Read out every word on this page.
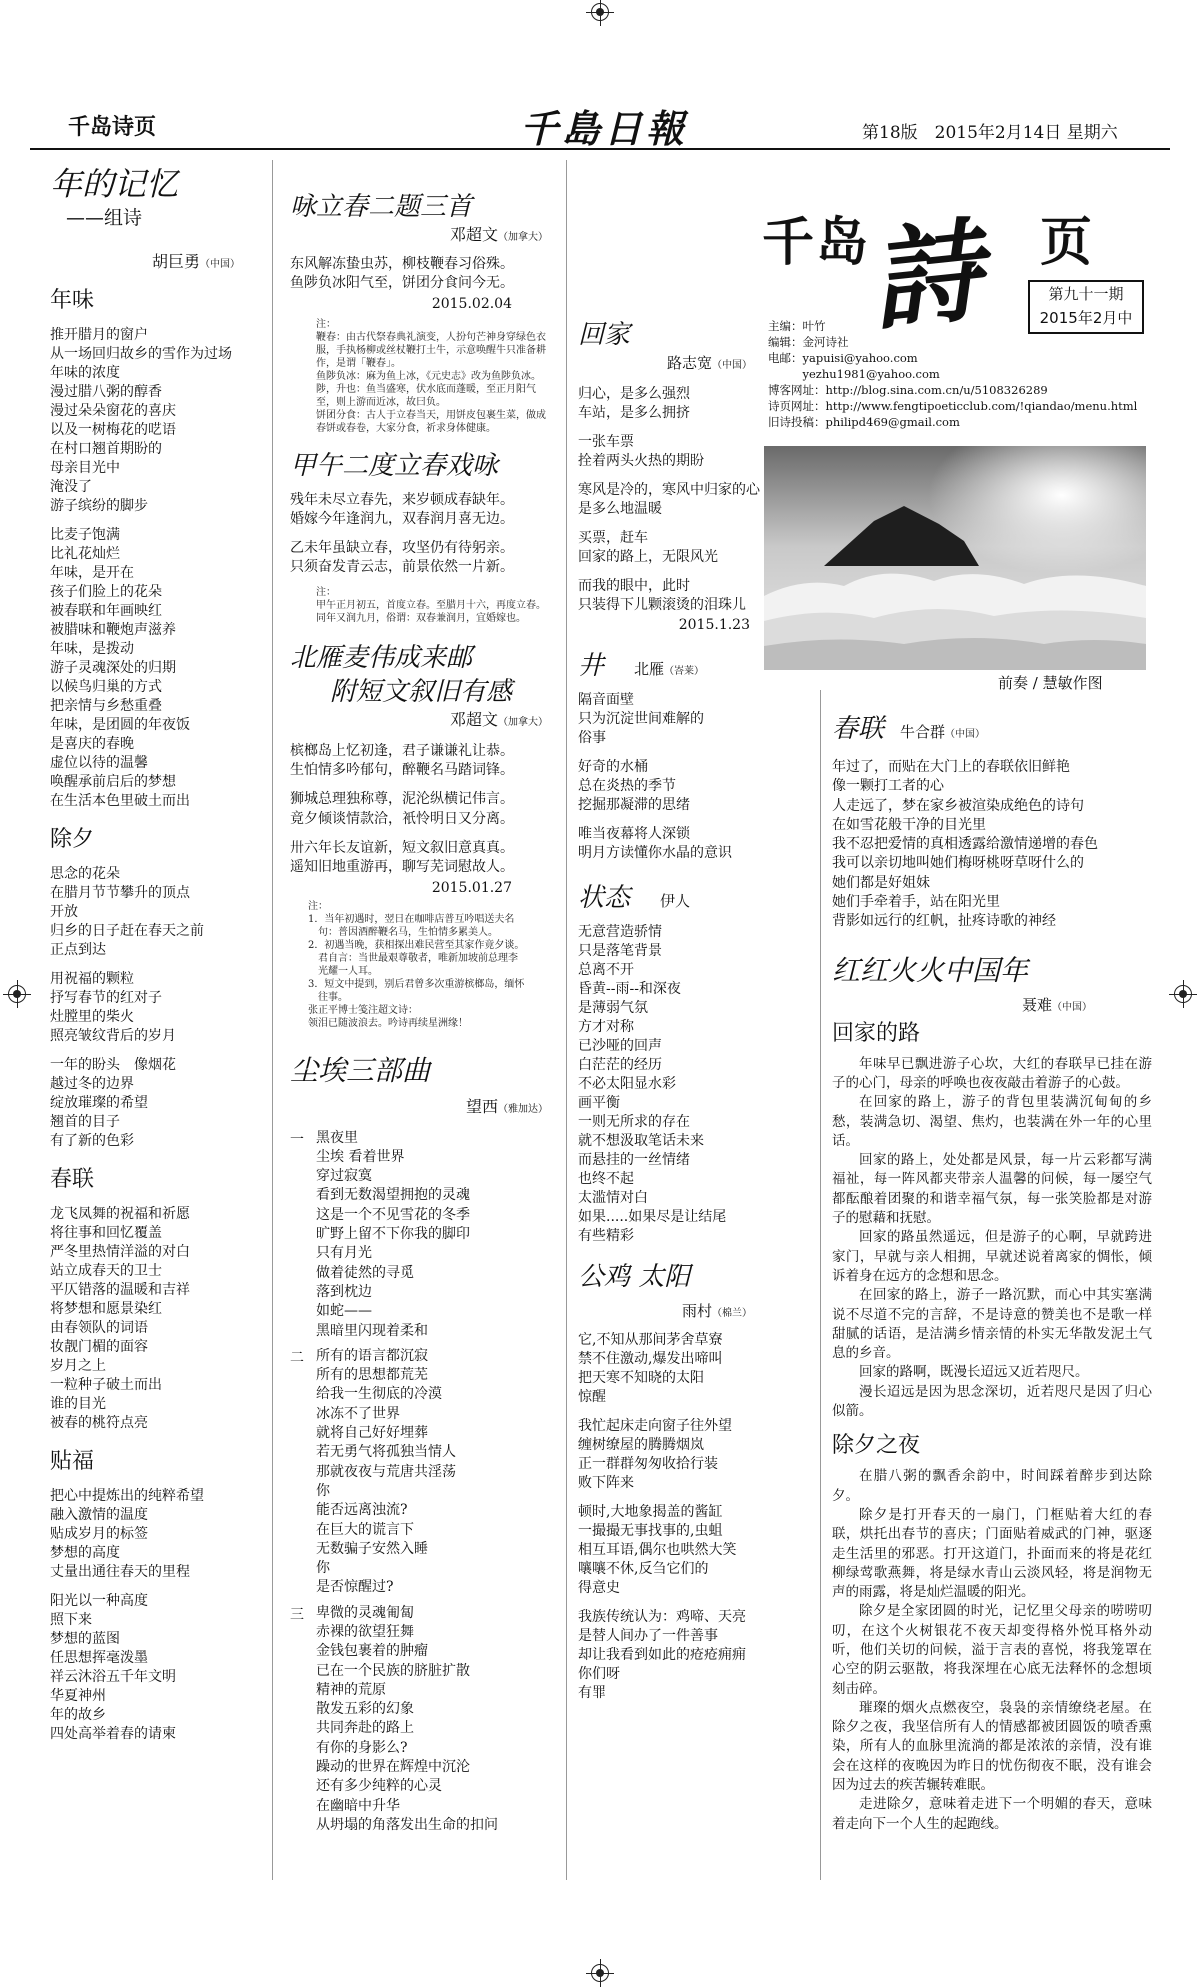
千岛诗页	千島日報	第18版　2015年2月14日 星期六
年的记忆
——组诗
胡巨勇（中国）
年味
推开腊月的窗户
从一场回归故乡的雪作为过场
年味的浓度
漫过腊八粥的醇香
漫过朵朵窗花的喜庆
以及一树梅花的呓语
在村口翘首期盼的
母亲目光中
淹没了
游子缤纷的脚步
比麦子饱满
比礼花灿烂
年味，是开在
孩子们脸上的花朵
被春联和年画映红
被腊味和鞭炮声滋养
年味，是拨动
游子灵魂深处的归期
以候鸟归巢的方式
把亲情与乡愁重叠
年味，是团圆的年夜饭
是喜庆的春晚
虚位以待的温馨
唤醒承前启后的梦想
在生活本色里破土而出
除夕
思念的花朵
在腊月节节攀升的顶点
开放
归乡的日子赶在春天之前
正点到达
用祝福的颗粒
抒写春节的红对子
灶膛里的柴火
照亮皱纹背后的岁月
一年的盼头　像烟花
越过冬的边界
绽放璀璨的希望
翘首的目子
有了新的色彩
春联
龙飞凤舞的祝福和祈愿
将往事和回忆覆盖
严冬里热情洋溢的对白
站立成春天的卫士
平仄错落的温暖和吉祥
将梦想和愿景染红
由春领队的词语
妆靓门楣的面容
岁月之上
一粒种子破土而出
谁的目光
被春的桃符点亮
贴福
把心中提炼出的纯粹希望
融入激情的温度
贴成岁月的标签
梦想的高度
丈量出通往春天的里程
阳光以一种高度
照下来
梦想的蓝图
任思想挥毫泼墨
祥云沐浴五千年文明
华夏神州
年的故乡
四处高举着春的请柬
咏立春二题三首
邓超文（加拿大）
东风解冻蛰虫苏，柳枝鞭春习俗殊。
鱼陟负冰阳气至，饼团分食问今无。
2015.02.04
注：
鞭春：由古代祭春典礼演变，人扮句芒神身穿绿色衣
服，手执杨柳或丝杖鞭打土牛，示意唤醒牛只准备耕
作，是谓「鞭春」。
鱼陟负冰：麻为鱼上冰，《元史志》改为鱼陟负冰。
陟，升也：鱼当盛寒，伏水底而蓬暖，至正月阳气
至，则上游而近冰，故曰负。
饼团分食：古人于立春当天，用饼皮包裹生菜，做成
春饼或春卷，大家分食，祈求身体健康。
甲午二度立春戏咏
残年未尽立春先，来岁顿成春缺年。
婚嫁今年逢润九，双春润月喜无边。
乙未年虽缺立春，攻坚仍有待躬亲。
只须奋发青云志，前景依然一片新。
注：
甲午正月初五，首度立春。至腊月十六，再度立春。
同年又润九月，俗谓：双春兼润月，宜婚嫁也。
北雁麦伟成来邮
附短文叙旧有感
邓超文（加拿大）
槟榔岛上忆初逢，君子谦谦礼让恭。
生怕情多吟郁句，醉鞭名马踏词锋。
狮城总理独称尊，泥沦纵横记伟言。
竟夕倾谈情款洽，衹怜明日又分离。
卅六年长友谊新，短文叙旧意真真。
遥知旧地重游再，聊写芜词慰故人。
2015.01.27
注：
1．当年初遇时，翌日在咖啡店普互吟唱送夫名
　句：普因酒醉鞭名马，生怕情多累美人。
2．初遇当晚，获相探出难民营至其家作竟夕谈。
　君自言：当世最艰尊敬者，唯新加坡前总理李
　光耀一人耳。
3．短文中提到，别后君曾多次重游槟榔岛，缅怀
　往事。
张正平博士笺注超文诗：
领泪已随波浪去。吟诗再续星洲缘！
尘埃三部曲
望西（雅加达）
一 黑夜里
尘埃 看着世界
穿过寂寞
看到无数渴望拥抱的灵魂
这是一个不见雪花的冬季
旷野上留不下你我的脚印
只有月光
做着徒然的寻觅
落到枕边
如蛇——
黑暗里闪现着柔和
二 所有的语言都沉寂
所有的思想都荒芜
给我一生彻底的冷漠
冰冻不了世界
就将自己好好埋葬
若无勇气将孤独当情人
那就夜夜与荒唐共淫荡
你
能否远离浊流?
在巨大的谎言下
无数骗子安然入睡
你
是否惊醒过?
三 卑微的灵魂匍匐
赤裸的欲望狂舞
金钱包裹着的肿瘤
已在一个民族的脐脏扩散
精神的荒原
散发五彩的幻象
共同奔赴的路上
有你的身影么?
躁动的世界在辉煌中沉沦
还有多少纯粹的心灵
在幽暗中升华
从坍塌的角落发出生命的扣问
回家
路志宽（中国）
归心，是多么强烈
车站，是多么拥挤
一张车票
拴着两头火热的期盼
寒风是冷的，寒风中归家的心
是多么地温暖
买票，赶车
回家的路上，无限风光
而我的眼中，此时
只装得下儿颗滚烫的泪珠儿
2015.1.23
井 北雁（峇莱）
隔音面壁
只为沉淀世间难解的
俗事
好奇的水桶
总在炎热的季节
挖掘那凝滞的思绪
唯当夜幕将人深锁
明月方读懂你水晶的意识
状态 伊人
无意营造骄情
只是落笔背景
总离不开
昏黄--雨--和深夜
是薄弱气氛
方才对称
已沙哑的回声
白茫茫的经历
不必太阳显水彩
画平衡
一则无所求的存在
就不想汲取笔话未来
而悬挂的一丝情绪
也终不起
太滥情对白
如果.....如果尽是让结尾
有些精彩
公鸡 太阳
雨村（棉兰）
它,不知从那间茅舍草寮
禁不住激动,爆发出啼叫
把天寒不知晓的太阳
惊醒
我忙起床走向窗子往外望
缠树缭屋的腾腾烟岚
正一群群匆匆收拾行装
败下阵来
顿时,大地象揭盖的酱缸
一撮撮无事找事的,虫蛆
相互耳语,偶尔也哄然大笑
嚷嚷不休,反刍它们的
得意史
我族传统认为：鸡啼、天亮
是替人间办了一件善事
却让我看到如此的疮疮痈痈
你们呀
有罪
千岛
詩 页
第九十一期
2015年2月中
主编：叶竹
编辑：金河诗社
电邮：yapuisi@yahoo.com
　　　yezhu1981@yahoo.com
博客网址：http://blog.sina.com.cn/u/5108326289
诗页网址：http://www.fengtipoeticclub.com/!qiandao/menu.html
旧诗投稿：philipd469@gmail.com
前奏 / 慧敏作图
春联 牛合群（中国）
年过了，而贴在大门上的春联依旧鲜艳
像一颗打工者的心
人走远了，梦在家乡被渲染成绝色的诗句
在如雪花般干净的目光里
我不忍把爱情的真相透露给激情递增的春色
我可以亲切地叫她们梅呀桃呀草呀什么的
她们都是好姐妹
她们手牵着手，站在阳光里
背影如远行的红帆，扯疼诗歌的神经
红红火火中国年
聂难（中国）
回家的路

年味早已飘进游子心坎，大红的春联早已挂在游子的心门，母亲的呼唤也夜夜敲击着游子的心鼓。

在回家的路上，游子的背包里装满沉甸甸的乡愁，装满急切、渴望、焦灼，也装满在外一年的心里话。

回家的路上，处处都是风景，每一片云彩都写满福祉，每一阵风都夹带亲人温馨的问候，每一屡空气都酝酿着团聚的和谐幸福气氛，每一张笑脸都是对游子的慰藉和抚慰。

回家的路虽然遥远，但是游子的心啊，早就跨进家门，早就与亲人相拥，早就述说着离家的惆怅，倾诉着身在远方的念想和思念。

在回家的路上，游子一路沉默，而心中其实塞满说不尽道不完的言辞，不是诗意的赞美也不是歌一样甜腻的话语，是洁满乡情亲情的朴实无华散发泥土气息的乡音。

回家的路啊，既漫长迢远又近若咫尺。

漫长迢远是因为思念深切，近若咫尺是因了归心似箭。

除夕之夜

在腊八粥的飘香余韵中，时间踩着醉步到达除夕。

除夕是打开春天的一扇门，门框贴着大红的春联，烘托出春节的喜庆；门面贴着威武的门神，驱逐走生活里的邪恶。打开这道门，扑面而来的将是花红柳绿莺歌燕舞，将是绿水青山云淡风轻，将是润物无声的雨露，将是灿烂温暖的阳光。

除夕是全家团圆的时光，记忆里父母亲的唠唠叨叨，在这个火树银花不夜天却变得格外悦耳格外动听，他们关切的问候，溢于言表的喜悦，将我笼罩在心空的阴云驱散，将我深埋在心底无法释怀的念想顷刻击碎。

璀璨的烟火点燃夜空，袅袅的亲情缭绕老屋。在除夕之夜，我坚信所有人的情感都被团圆饭的喷香熏染，所有人的血脉里流淌的都是浓浓的亲情，没有谁会在这样的夜晚因为昨日的忧伤彻夜不眠，没有谁会因为过去的疾苦辗转难眠。

走进除夕，意味着走进下一个明媚的春天，意味着走向下一个人生的起跑线。
